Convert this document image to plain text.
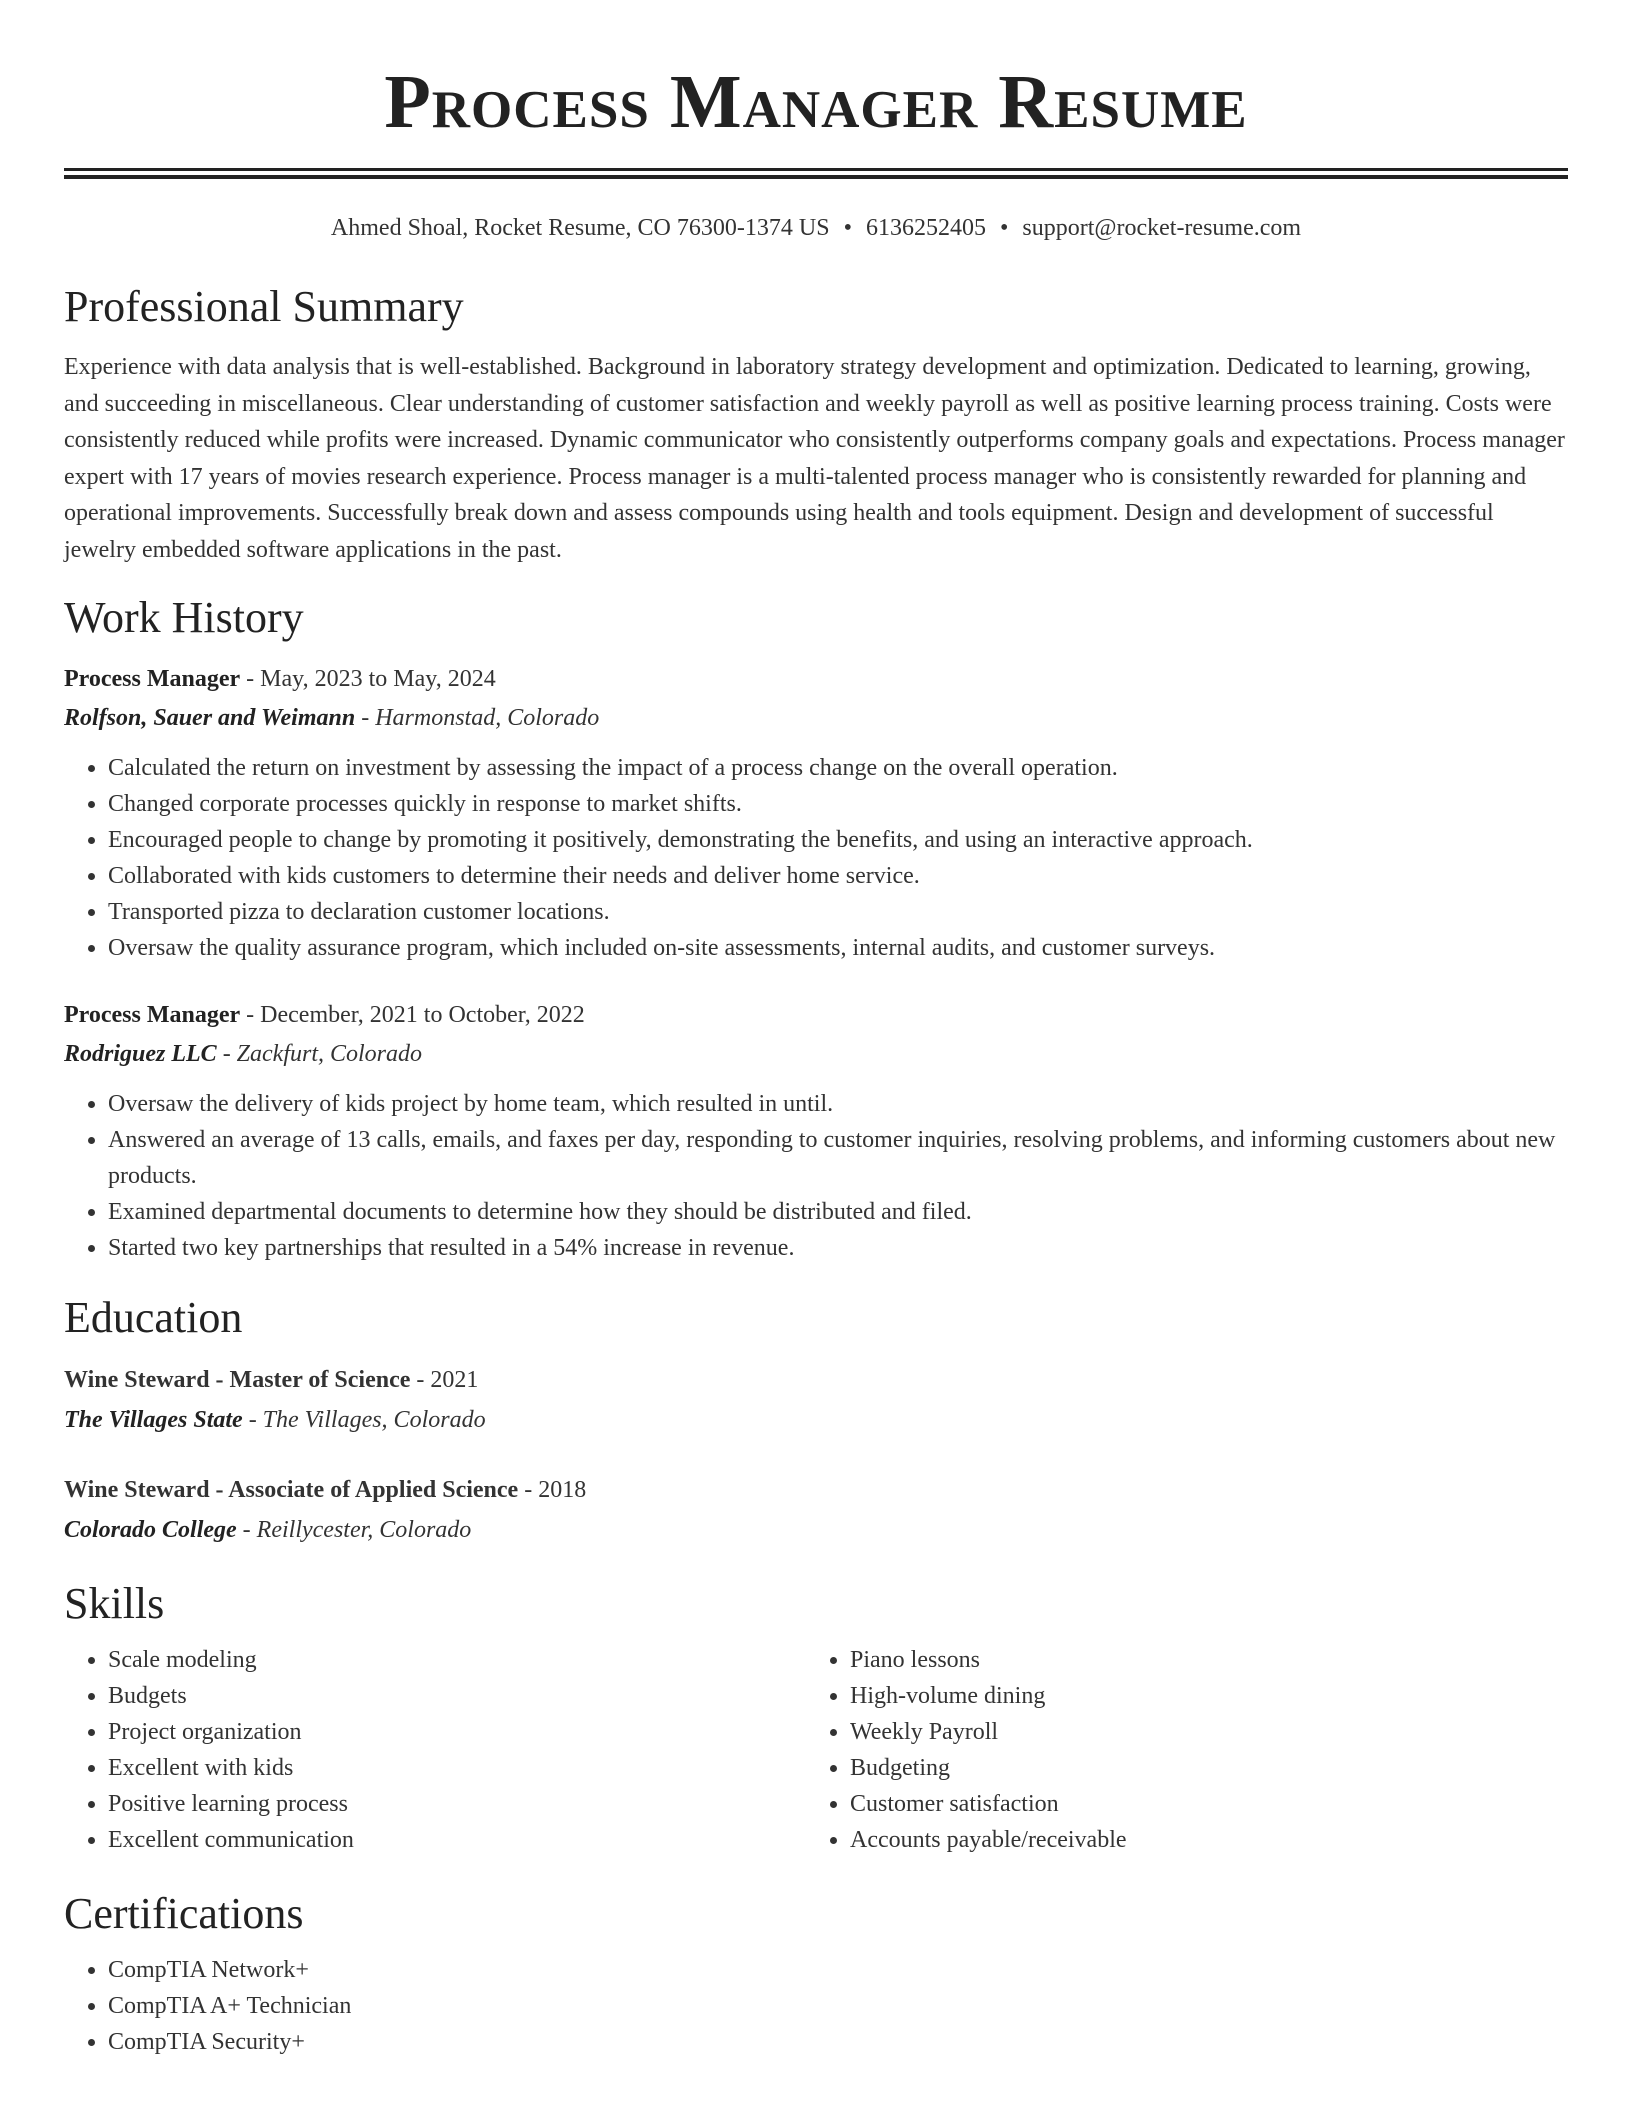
Process Manager Resume
Ahmed Shoal, Rocket Resume, CO 76300-1374 US • 6136252405 • support@rocket-resume.com
Professional Summary

Experience with data analysis that is well-established. Background in laboratory strategy development and optimization. Dedicated to learning, growing, and succeeding in miscellaneous. Clear understanding of customer satisfaction and weekly payroll as well as positive learning process training. Costs were consistently reduced while profits were increased. Dynamic communicator who consistently outperforms company goals and expectations. Process manager expert with 17 years of movies research experience. Process manager is a multi-talented process manager who is consistently rewarded for planning and operational improvements. Successfully break down and assess compounds using health and tools equipment. Design and development of successful jewelry embedded software applications in the past.

Work History
Process Manager - May, 2023 to May, 2024
Rolfson, Sauer and Weimann - Harmonstad, Colorado
• Calculated the return on investment by assessing the impact of a process change on the overall operation.
• Changed corporate processes quickly in response to market shifts.
• Encouraged people to change by promoting it positively, demonstrating the benefits, and using an interactive approach.
• Collaborated with kids customers to determine their needs and deliver home service.
• Transported pizza to declaration customer locations.
• Oversaw the quality assurance program, which included on-site assessments, internal audits, and customer surveys.
Process Manager - December, 2021 to October, 2022
Rodriguez LLC - Zackfurt, Colorado
• Oversaw the delivery of kids project by home team, which resulted in until.
• Answered an average of 13 calls, emails, and faxes per day, responding to customer inquiries, resolving problems, and informing customers about new products.
• Examined departmental documents to determine how they should be distributed and filed.
• Started two key partnerships that resulted in a 54% increase in revenue.
Education
Wine Steward - Master of Science - 2021
The Villages State - The Villages, Colorado
Wine Steward - Associate of Applied Science - 2018
Colorado College - Reillycester, Colorado
Skills
• Scale modeling
• Budgets
• Project organization
• Excellent with kids
• Positive learning process
• Excellent communication
• Piano lessons
• High-volume dining
• Weekly Payroll
• Budgeting
• Customer satisfaction
• Accounts payable/receivable
Certifications
• CompTIA Network+
• CompTIA A+ Technician
• CompTIA Security+
